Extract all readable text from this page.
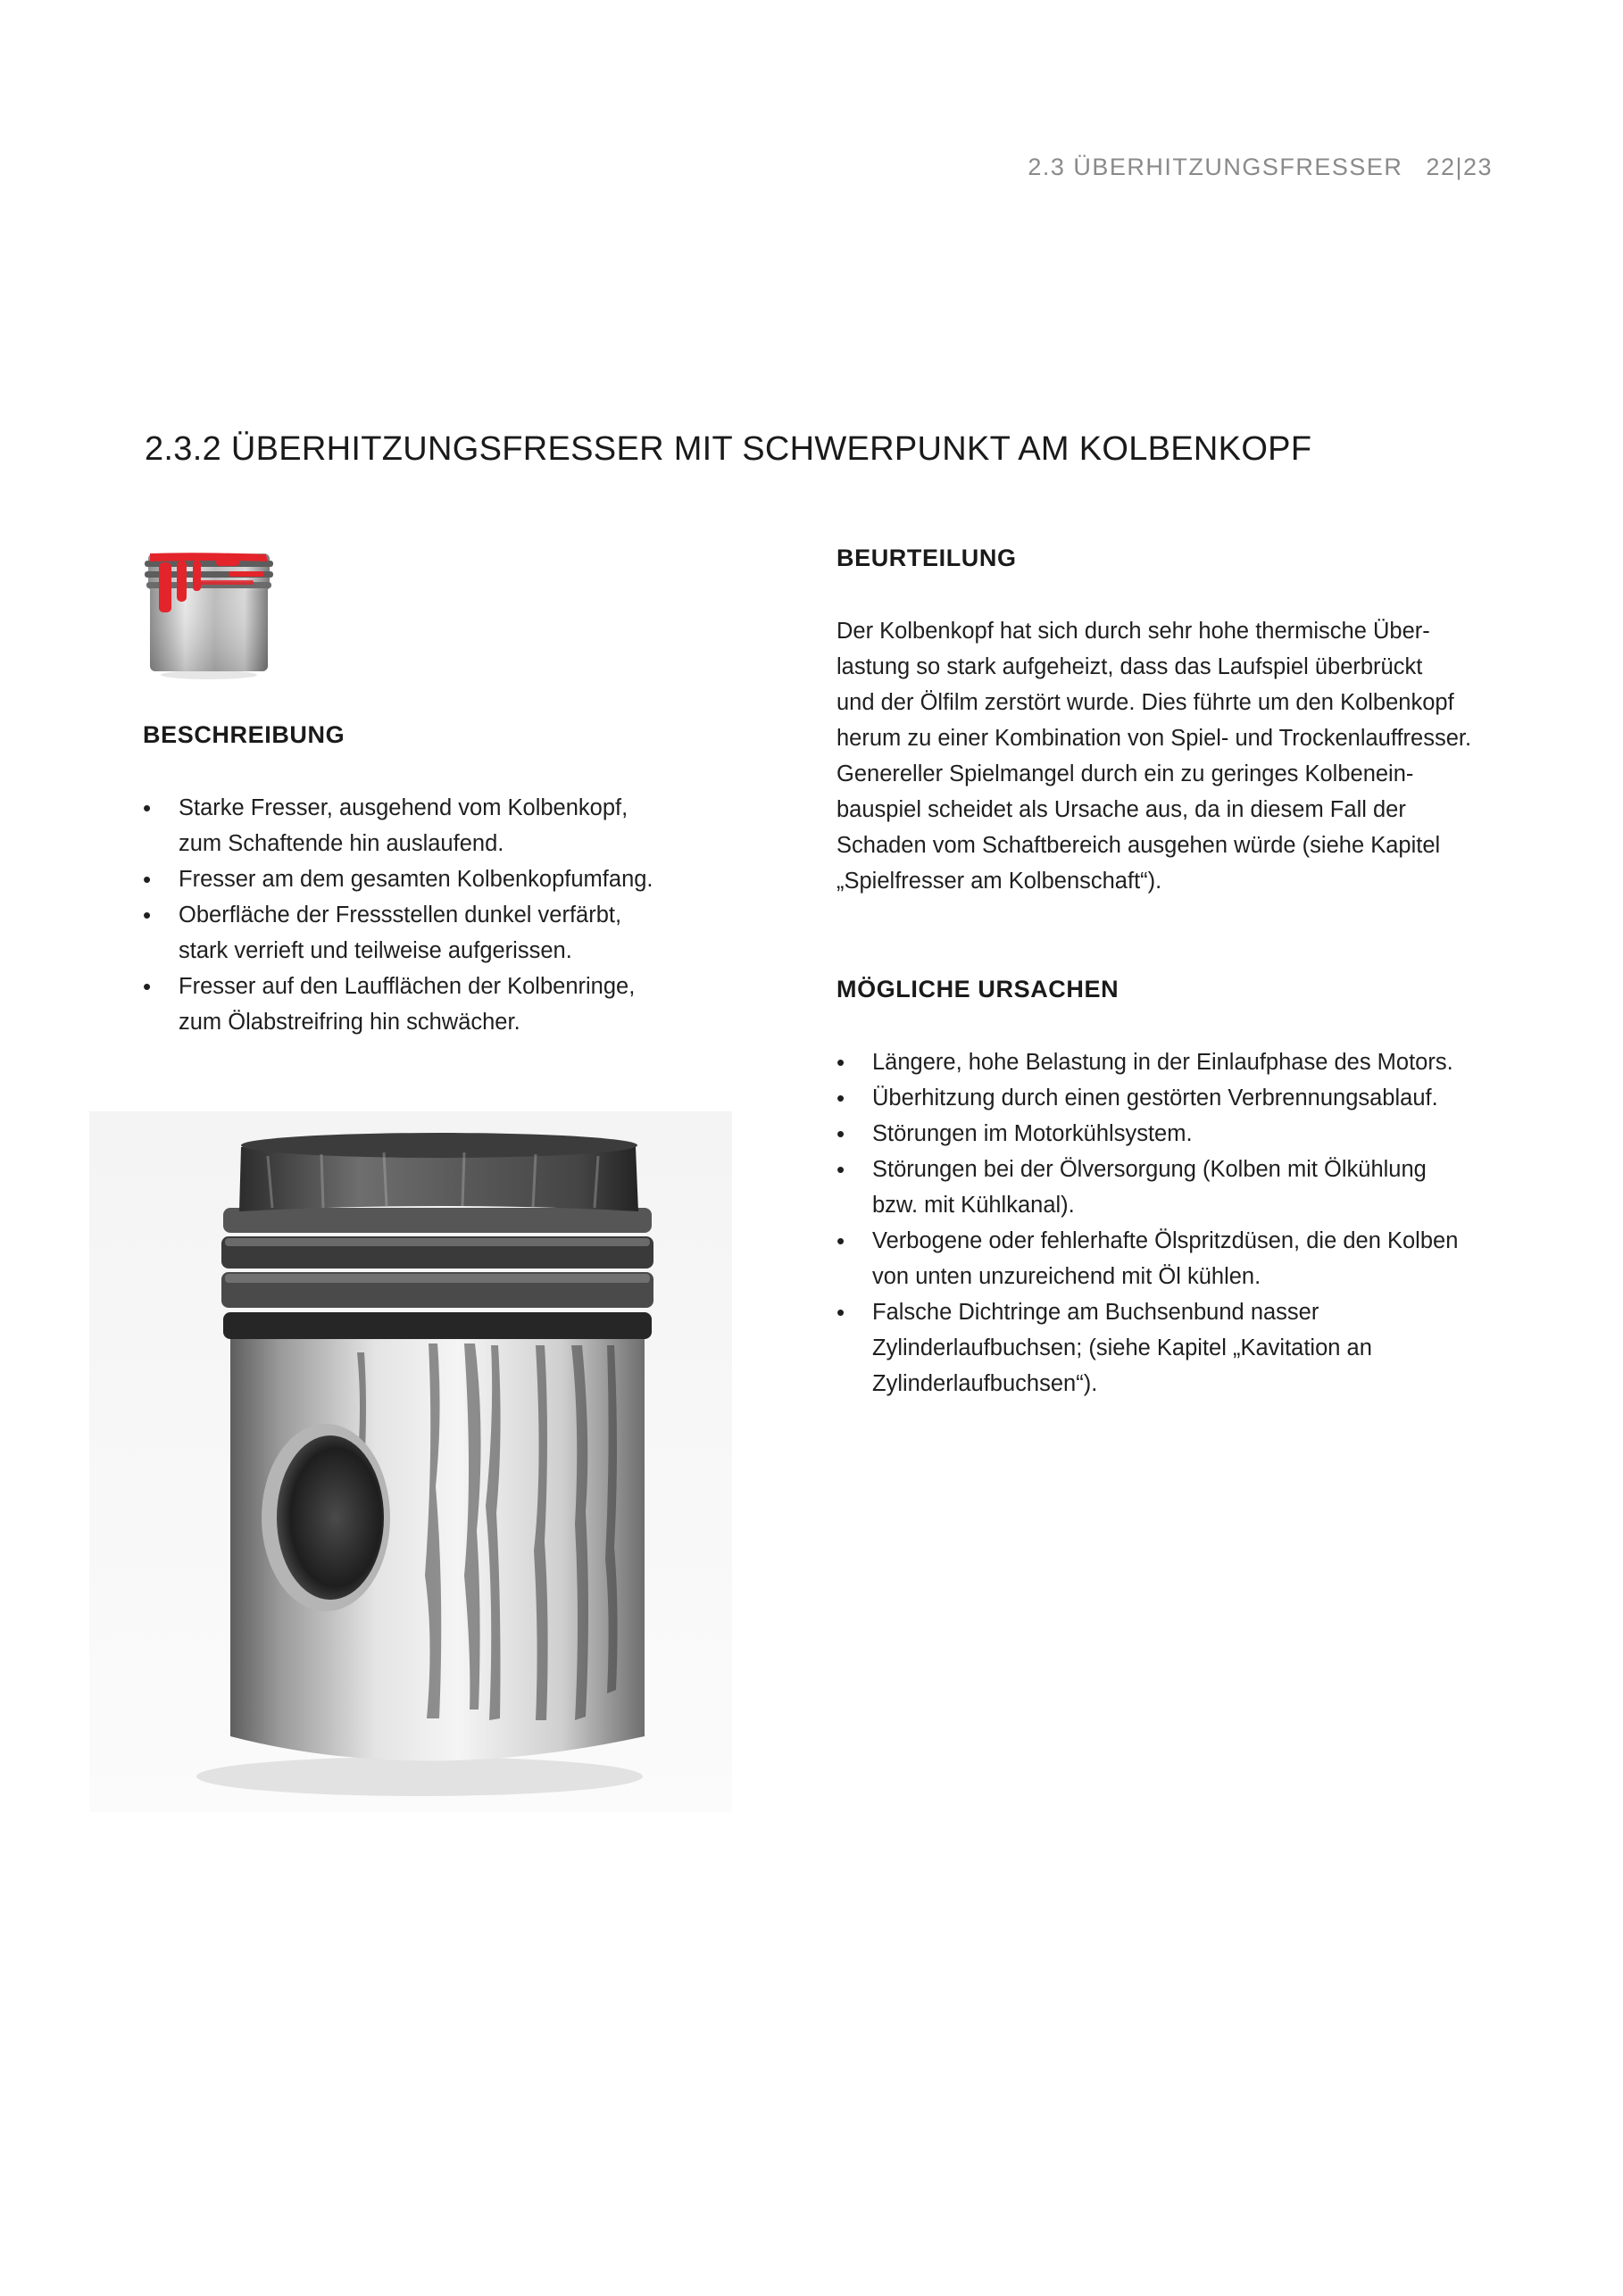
2.3 ÜBERHITZUNGSFRESSER 22|23
2.3.2 ÜBERHITZUNGSFRESSER MIT SCHWERPUNKT AM KOLBENKOPF
BESCHREIBUNG
• Starke Fresser, ausgehend vom Kolbenkopf,
zum Schaftende hin auslaufend.
• Fresser am dem gesamten Kolbenkopfumfang.
• Oberfläche der Fressstellen dunkel verfärbt,
stark verrieft und teilweise aufgerissen.
• Fresser auf den Laufflächen der Kolbenringe,
zum Ölabstreifring hin schwächer.
BEURTEILUNG

Der Kolbenkopf hat sich durch sehr hohe thermische Über-
lastung so stark aufgeheizt, dass das Laufspiel überbrückt
und der Ölfilm zerstört wurde. Dies führte um den Kolbenkopf
herum zu einer Kombination von Spiel- und Trockenlauffresser.
Genereller Spielmangel durch ein zu geringes Kolbenein-
bauspiel scheidet als Ursache aus, da in diesem Fall der
Schaden vom Schaftbereich ausgehen würde (siehe Kapitel
„Spielfresser am Kolbenschaft“).

MÖGLICHE URSACHEN
• Längere, hohe Belastung in der Einlaufphase des Motors.
• Überhitzung durch einen gestörten Verbrennungsablauf.
• Störungen im Motorkühlsystem.
• Störungen bei der Ölversorgung (Kolben mit Ölkühlung
bzw. mit Kühlkanal).
• Verbogene oder fehlerhafte Ölspritzdüsen, die den Kolben
von unten unzureichend mit Öl kühlen.
• Falsche Dichtringe am Buchsenbund nasser
Zylinderlaufbuchsen; (siehe Kapitel „Kavitation an
Zylinderlaufbuchsen“).
